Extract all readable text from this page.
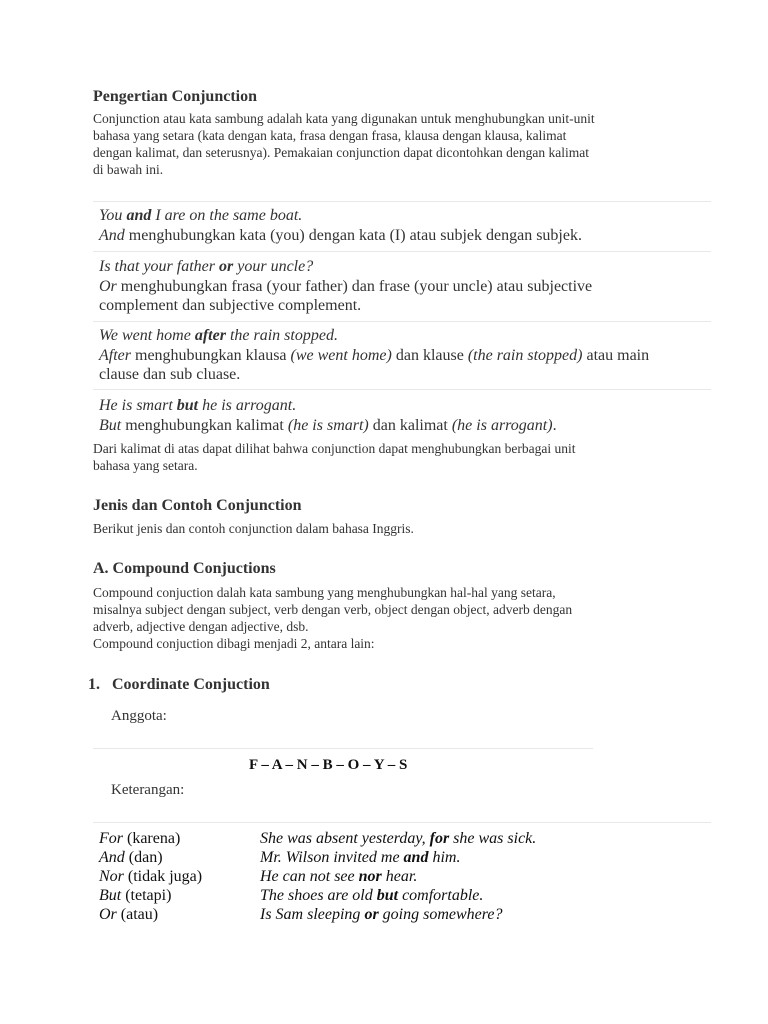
Pengertian Conjunction
Conjunction atau kata sambung adalah kata yang digunakan untuk menghubungkan unit-unit
bahasa yang setara (kata dengan kata, frasa dengan frasa, klausa dengan klausa, kalimat
dengan kalimat, dan seterusnya). Pemakaian conjunction dapat dicontohkan dengan kalimat
di bawah ini.
You and I are on the same boat.
And menghubungkan kata (you) dengan kata (I) atau subjek dengan subjek.
Is that your father or your uncle?
Or menghubungkan frasa (your father) dan frase (your uncle) atau subjective
complement dan subjective complement.
We went home after the rain stopped.
After menghubungkan klausa (we went home) dan klause (the rain stopped) atau main
clause dan sub cluase.
He is smart but he is arrogant.
But menghubungkan kalimat (he is smart) dan kalimat (he is arrogant).
Dari kalimat di atas dapat dilihat bahwa conjunction dapat menghubungkan berbagai unit
bahasa yang setara.
Jenis dan Contoh Conjunction
Berikut jenis dan contoh conjunction dalam bahasa Inggris.
A. Compound Conjuctions
Compound conjuction dalah kata sambung yang menghubungkan hal-hal yang setara,
misalnya subject dengan subject, verb dengan verb, object dengan object, adverb dengan
adverb, adjective dengan adjective, dsb.
Compound conjuction dibagi menjadi 2, antara lain:
1. Coordinate Conjuction
Anggota:
F – A – N – B – O – Y – S
Keterangan:
For (karena)	She was absent yesterday, for she was sick.
And (dan)	Mr. Wilson invited me and him.
Nor (tidak juga)	He can not see nor hear.
But (tetapi)	The shoes are old but comfortable.
Or (atau)	Is Sam sleeping or going somewhere?
